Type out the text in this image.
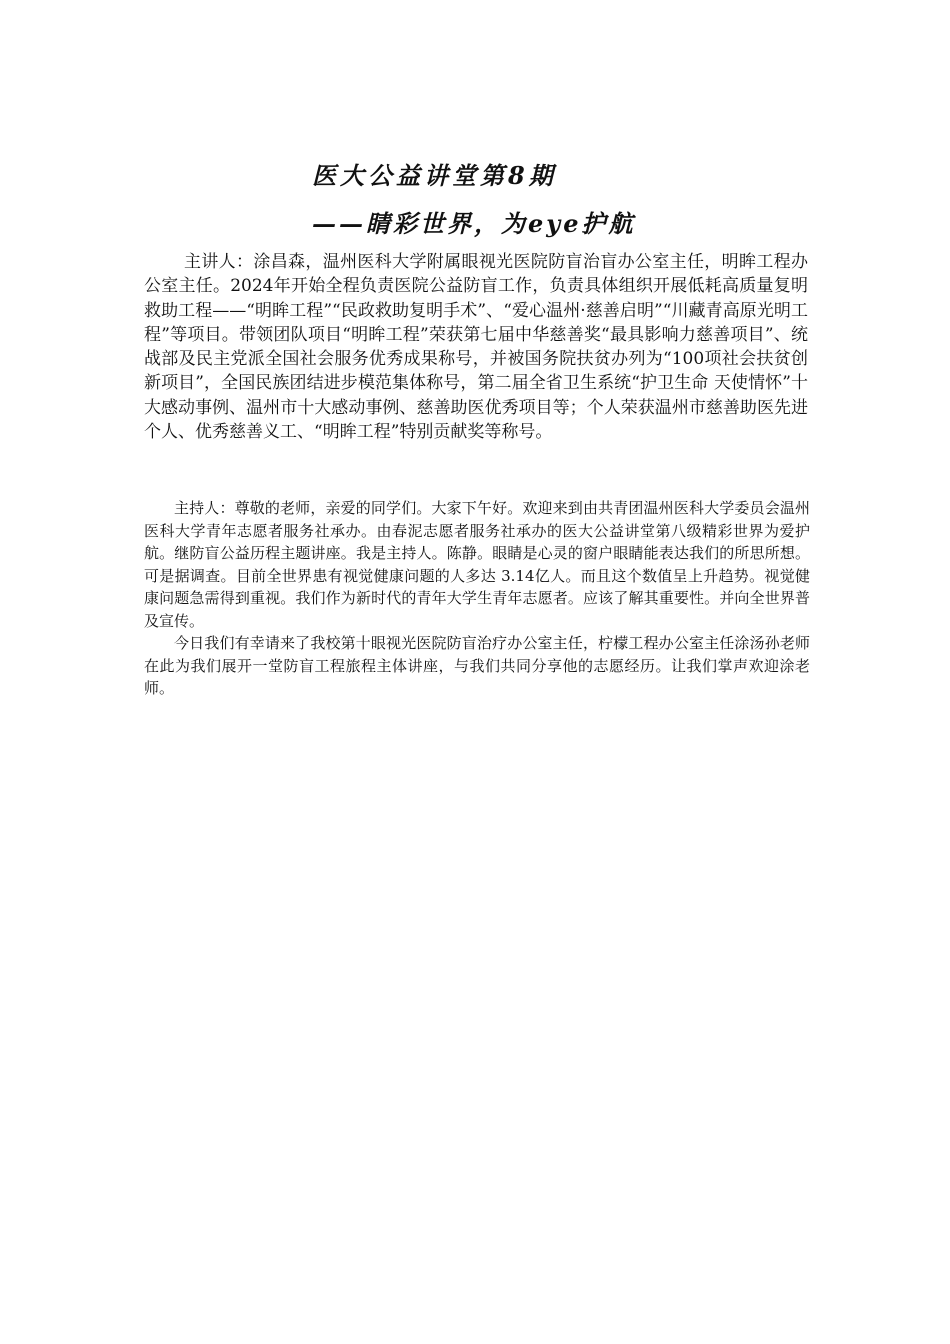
医大公益讲堂第8期
——睛彩世界，为eye护航

主讲人：涂昌森，温州医科大学附属眼视光医院防盲治盲办公室主任，明眸工程办公室主任。2024年开始全程负责医院公益防盲工作，负责具体组织开展低耗高质量复明救助工程——“明眸工程”“民政救助复明手术”、“爱心温州·慈善启明”“川藏青高原光明工程”等项目。带领团队项目“明眸工程”荣获第七届中华慈善奖“最具影响力慈善项目”、统战部及民主党派全国社会服务优秀成果称号，并被国务院扶贫办列为“100项社会扶贫创新项目”，全国民族团结进步模范集体称号，第二届全省卫生系统“护卫生命 天使情怀”十大感动事例、温州市十大感动事例、慈善助医优秀项目等；个人荣获温州市慈善助医先进个人、优秀慈善义工、“明眸工程”特别贡献奖等称号。

主持人：尊敬的老师，亲爱的同学们。大家下午好。欢迎来到由共青团温州医科大学委员会温州医科大学青年志愿者服务社承办。由春泥志愿者服务社承办的医大公益讲堂第八级精彩世界为爱护航。继防盲公益历程主题讲座。我是主持人。陈静。眼睛是心灵的窗户眼睛能表达我们的所思所想。可是据调查。目前全世界患有视觉健康问题的人多达 3.14亿人。而且这个数值呈上升趋势。视觉健康问题急需得到重视。我们作为新时代的青年大学生青年志愿者。应该了解其重要性。并向全世界普及宣传。

今日我们有幸请来了我校第十眼视光医院防盲治疗办公室主任，柠檬工程办公室主任涂汤孙老师在此为我们展开一堂防盲工程旅程主体讲座，与我们共同分享他的志愿经历。让我们掌声欢迎涂老师。
